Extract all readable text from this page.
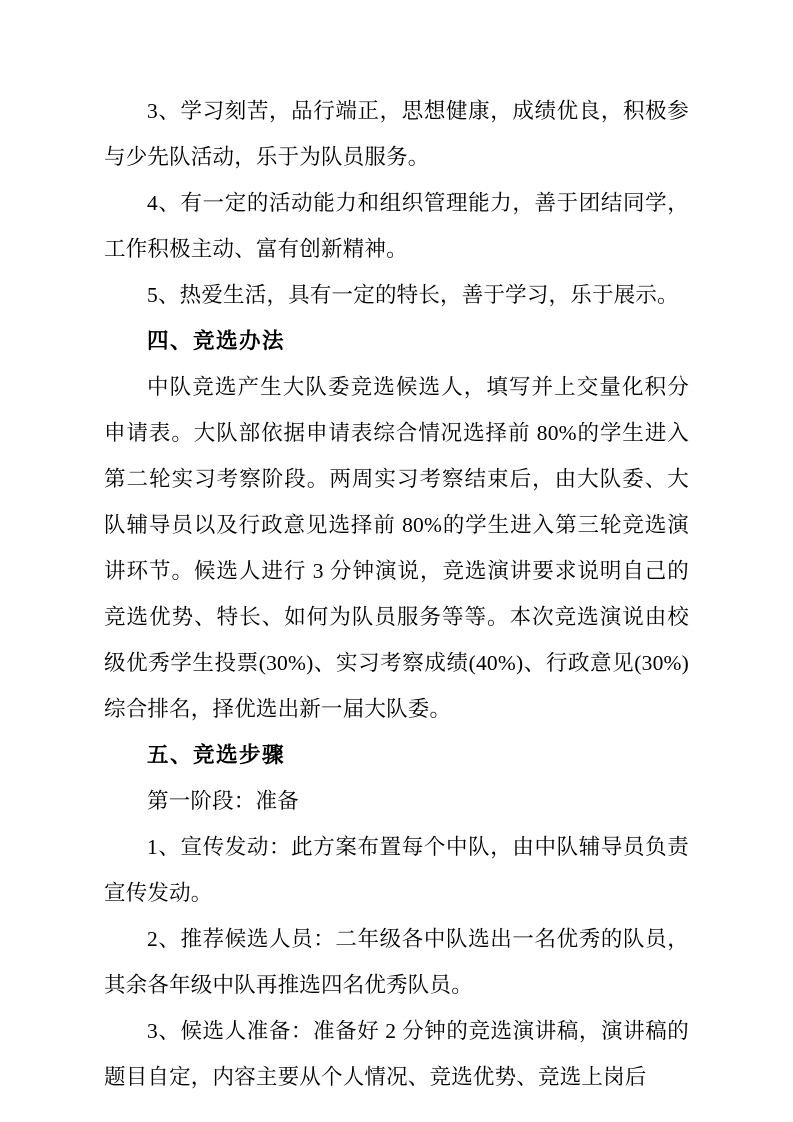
3、学习刻苦，品行端正，思想健康，成绩优良，积极参与少先队活动，乐于为队员服务。

4、有一定的活动能力和组织管理能力，善于团结同学，工作积极主动、富有创新精神。

5、热爱生活，具有一定的特长，善于学习，乐于展示。

四、竞选办法

中队竞选产生大队委竞选候选人，填写并上交量化积分申请表。大队部依据申请表综合情况选择前 80%的学生进入第二轮实习考察阶段。两周实习考察结束后，由大队委、大队辅导员以及行政意见选择前 80%的学生进入第三轮竞选演讲环节。候选人进行 3 分钟演说，竞选演讲要求说明自己的竞选优势、特长、如何为队员服务等等。本次竞选演说由校级优秀学生投票(30%)、实习考察成绩(40%)、行政意见(30%)综合排名，择优选出新一届大队委。

五、竞选步骤

第一阶段：准备

1、宣传发动：此方案布置每个中队，由中队辅导员负责宣传发动。

2、推荐候选人员：二年级各中队选出一名优秀的队员，其余各年级中队再推选四名优秀队员。

3、候选人准备：准备好 2 分钟的竞选演讲稿，演讲稿的题目自定，内容主要从个人情况、竞选优势、竞选上岗后
